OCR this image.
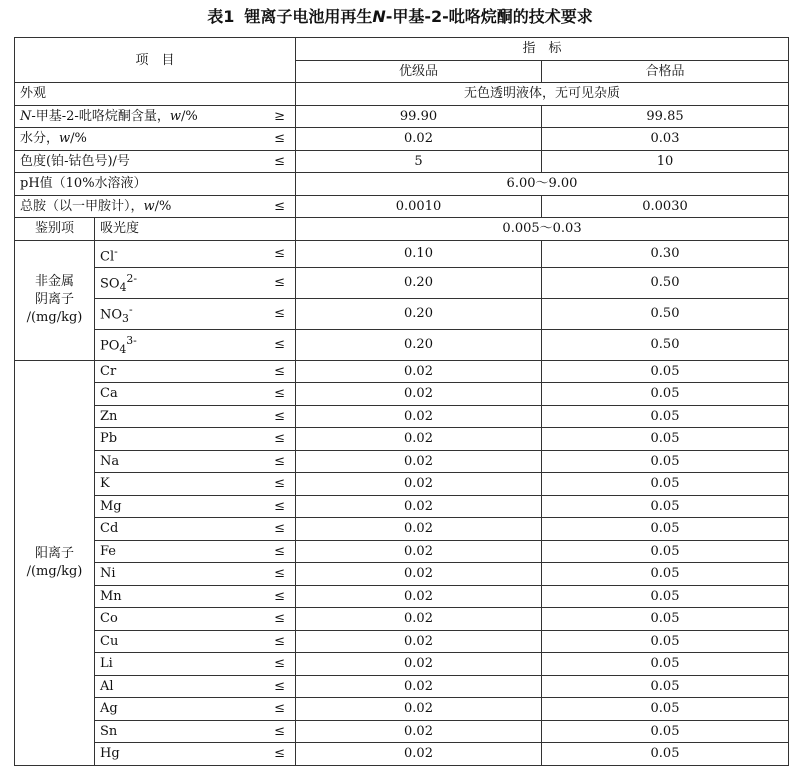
表1 锂离子电池用再生N-甲基-2-吡咯烷酮的技术要求
项　目			指　标	
			优级品	合格品
外观			无色透明液体，无可见杂质	
N-甲基-2-吡咯烷酮含量，w/%		≥	99.90	99.85
水分，w/%		≤	0.02	0.03
色度(铂-钴色号)/号		≤	5	10
pH值（10%水溶液）			6.00～9.00	
总胺（以一甲胺计），w/%		≤	0.0010	0.0030
鉴别项	吸光度		0.005～0.03	
非金属
阴离子
/(mg/kg)	Cl-	≤	0.10	0.30
	$SO_4^{2-}$	≤	0.20	0.50
	$NO_3^-$	≤	0.20	0.50
	$PO_4^{3-}$	≤	0.20	0.50
阳离子
/(mg/kg)	Cr	≤	0.02	0.05
	Ca	≤	0.02	0.05
	Zn	≤	0.02	0.05
	Pb	≤	0.02	0.05
	Na	≤	0.02	0.05
	K	≤	0.02	0.05
	Mg	≤	0.02	0.05
	Cd	≤	0.02	0.05
	Fe	≤	0.02	0.05
	Ni	≤	0.02	0.05
	Mn	≤	0.02	0.05
	Co	≤	0.02	0.05
	Cu	≤	0.02	0.05
	Li	≤	0.02	0.05
	Al	≤	0.02	0.05
	Ag	≤	0.02	0.05
	Sn	≤	0.02	0.05
	Hg	≤	0.02	0.05
